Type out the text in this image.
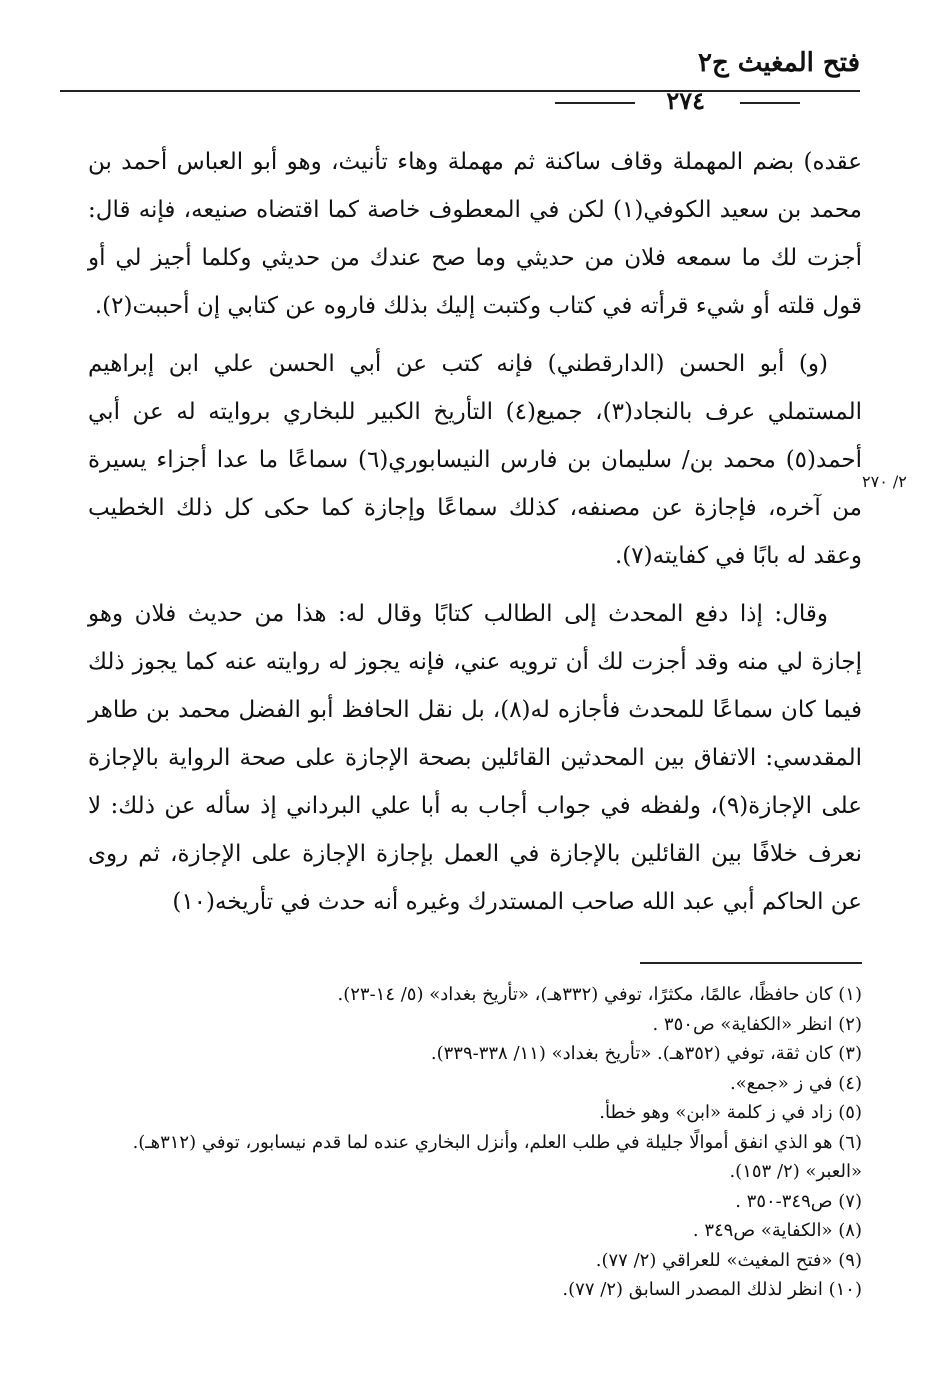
فتح المغيث ج٢
٢٧٤
٢/ ٢٧٠

عقده) بضم المهملة وقاف ساكنة ثم مهملة وهاء تأنيث، وهو أبو العباس أحمد بن محمد بن سعيد الكوفي(١) لكن في المعطوف خاصة كما اقتضاه صنيعه، فإنه قال: أجزت لك ما سمعه فلان من حديثي وما صح عندك من حديثي وكلما أجيز لي أو قول قلته أو شيء قرأته في كتاب وكتبت إليك بذلك فاروه عن كتابي إن أحببت(٢).

(و) أبو الحسن (الدارقطني) فإنه كتب عن أبي الحسن علي ابن إبراهيم المستملي عرف بالنجاد(٣)، جميع(٤) التأريخ الكبير للبخاري بروايته له عن أبي أحمد(٥) محمد بن/ سليمان بن فارس النيسابوري(٦) سماعًا ما عدا أجزاء يسيرة من آخره، فإجازة عن مصنفه، كذلك سماعًا وإجازة كما حكى كل ذلك الخطيب وعقد له بابًا في كفايته(٧).

وقال: إذا دفع المحدث إلى الطالب كتابًا وقال له: هذا من حديث فلان وهو إجازة لي منه وقد أجزت لك أن ترويه عني، فإنه يجوز له روايته عنه كما يجوز ذلك فيما كان سماعًا للمحدث فأجازه له(٨)، بل نقل الحافظ أبو الفضل محمد بن طاهر المقدسي: الاتفاق بين المحدثين القائلين بصحة الإجازة على صحة الرواية بالإجازة على الإجازة(٩)، ولفظه في جواب أجاب به أبا علي البرداني إذ سأله عن ذلك: لا نعرف خلافًا بين القائلين بالإجازة في العمل بإجازة الإجازة على الإجازة، ثم روى عن الحاكم أبي عبد الله صاحب المستدرك وغيره أنه حدث في تأريخه(١٠)

(١) كان حافظًا، عالمًا، مكثرًا، توفي (٣٣٢هـ)، «تأريخ بغداد» (٥/ ١٤-٢٣).

(٢) انظر «الكفاية» ص٣٥٠ .

(٣) كان ثقة، توفي (٣٥٢هـ). «تأريخ بغداد» (١١/ ٣٣٨-٣٣٩).

(٤) في ز «جمع».

(٥) زاد في ز كلمة «ابن» وهو خطأ.

(٦) هو الذي انفق أموالًا جليلة في طلب العلم، وأنزل البخاري عنده لما قدم نيسابور، توفي (٣١٢هـ). «العبر» (٢/ ١٥٣).

(٧) ص٣٤٩-٣٥٠ .

(٨) «الكفاية» ص٣٤٩ .

(٩) «فتح المغيث» للعراقي (٢/ ٧٧).

(١٠) انظر لذلك المصدر السابق (٢/ ٧٧).
